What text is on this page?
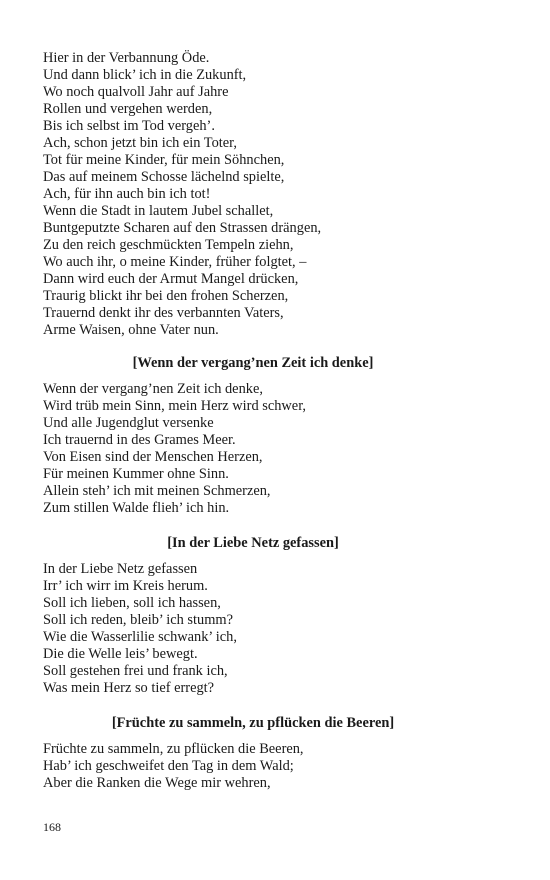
Hier in der Verbannung Öde.
Und dann blick’ ich in die Zukunft,
Wo noch qualvoll Jahr auf Jahre
Rollen und vergehen werden,
Bis ich selbst im Tod vergeh’.
Ach, schon jetzt bin ich ein Toter,
Tot für meine Kinder, für mein Söhnchen,
Das auf meinem Schosse lächelnd spielte,
Ach, für ihn auch bin ich tot!
Wenn die Stadt in lautem Jubel schallet,
Buntgeputzte Scharen auf den Strassen drängen,
Zu den reich geschmückten Tempeln ziehn,
Wo auch ihr, o meine Kinder, früher folgtet, –
Dann wird euch der Armut Mangel drücken,
Traurig blickt ihr bei den frohen Scherzen,
Trauernd denkt ihr des verbannten Vaters,
Arme Waisen, ohne Vater nun.
[Wenn der vergang’nen Zeit ich denke]
Wenn der vergang’nen Zeit ich denke,
Wird trüb mein Sinn, mein Herz wird schwer,
Und alle Jugendglut versenke
Ich trauernd in des Grames Meer.
Von Eisen sind der Menschen Herzen,
Für meinen Kummer ohne Sinn.
Allein steh’ ich mit meinen Schmerzen,
Zum stillen Walde flieh’ ich hin.
[In der Liebe Netz gefassen]
In der Liebe Netz gefassen
Irr’ ich wirr im Kreis herum.
Soll ich lieben, soll ich hassen,
Soll ich reden, bleib’ ich stumm?
Wie die Wasserlilie schwank’ ich,
Die die Welle leis’ bewegt.
Soll gestehen frei und frank ich,
Was mein Herz so tief erregt?
[Früchte zu sammeln, zu pflücken die Beeren]
Früchte zu sammeln, zu pflücken die Beeren,
Hab’ ich geschweifet den Tag in dem Wald;
Aber die Ranken die Wege mir wehren,
168
